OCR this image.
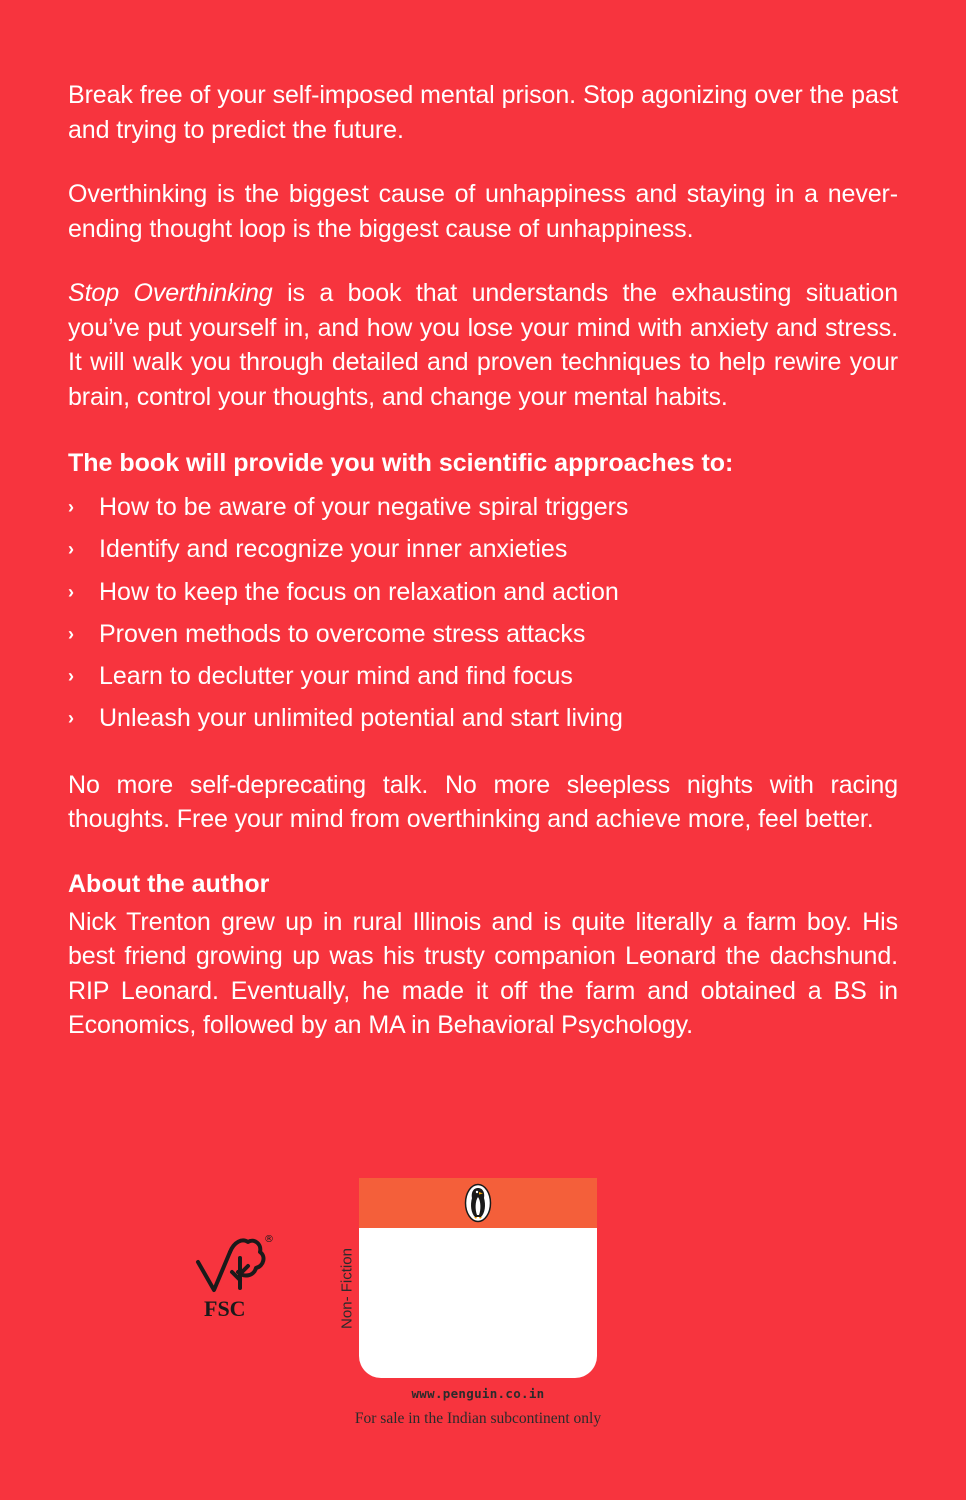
Break free of your self-imposed mental prison. Stop agonizing over the past and trying to predict the future.

Overthinking is the biggest cause of unhappiness and staying in a never-ending thought loop is the biggest cause of unhappiness.

Stop Overthinking is a book that understands the exhausting situation you’ve put yourself in, and how you lose your mind with anxiety and stress. It will walk you through detailed and proven techniques to help rewire your brain, control your thoughts, and change your mental habits.

The book will provide you with scientific approaches to:
› How to be aware of your negative spiral triggers
› Identify and recognize your inner anxieties
› How to keep the focus on relaxation and action
› Proven methods to overcome stress attacks
› Learn to declutter your mind and find focus
› Unleash your unlimited potential and start living

No more self-deprecating talk. No more sleepless nights with racing thoughts. Free your mind from overthinking and achieve more, feel better.

About the author

Nick Trenton grew up in rural Illinois and is quite literally a farm boy. His best friend growing up was his trusty companion Leonard the dachshund. RIP Leonard. Eventually, he made it off the farm and obtained a BS in Economics, followed by an MA in Behavioral Psychology.

®
FSC	Non- Fiction
www.penguin.co.in
For sale in the Indian subcontinent only
